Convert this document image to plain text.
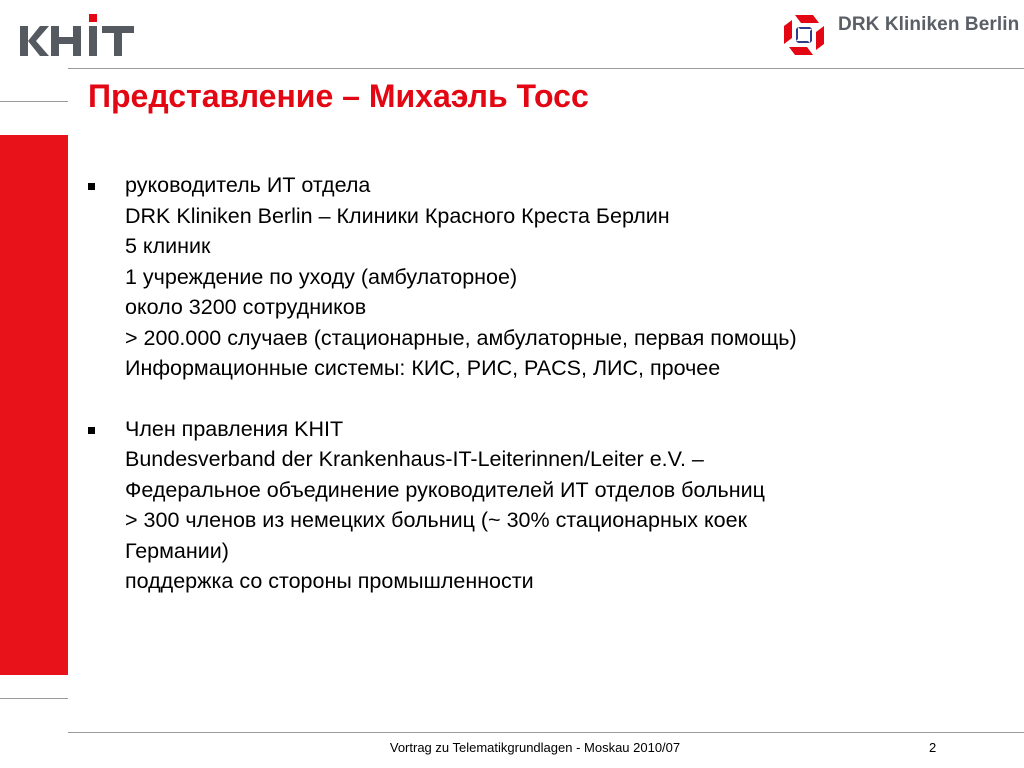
DRK Kliniken Berlin
Представление – Михаэль Тосс
руководитель ИТ отдела
DRK Kliniken Berlin – Клиники Красного Креста Берлин
5 клиник
1 учреждение по уходу (амбулаторное)
около 3200 сотрудников
> 200.000 случаев (стационарные, амбулаторные, первая помощь)
Информационные системы: КИС, РИС, PACS, ЛИС, прочее
Член правления KHIT
Bundesverband der Krankenhaus-IT-Leiterinnen/Leiter e.V. –
Федеральное объединение руководителей ИТ отделов больниц
> 300 членов из немецких больниц (~ 30% стационарных коек
Германии)
поддержка со стороны промышленности
Vortrag zu Telematikgrundlagen - Moskau 2010/07	2
